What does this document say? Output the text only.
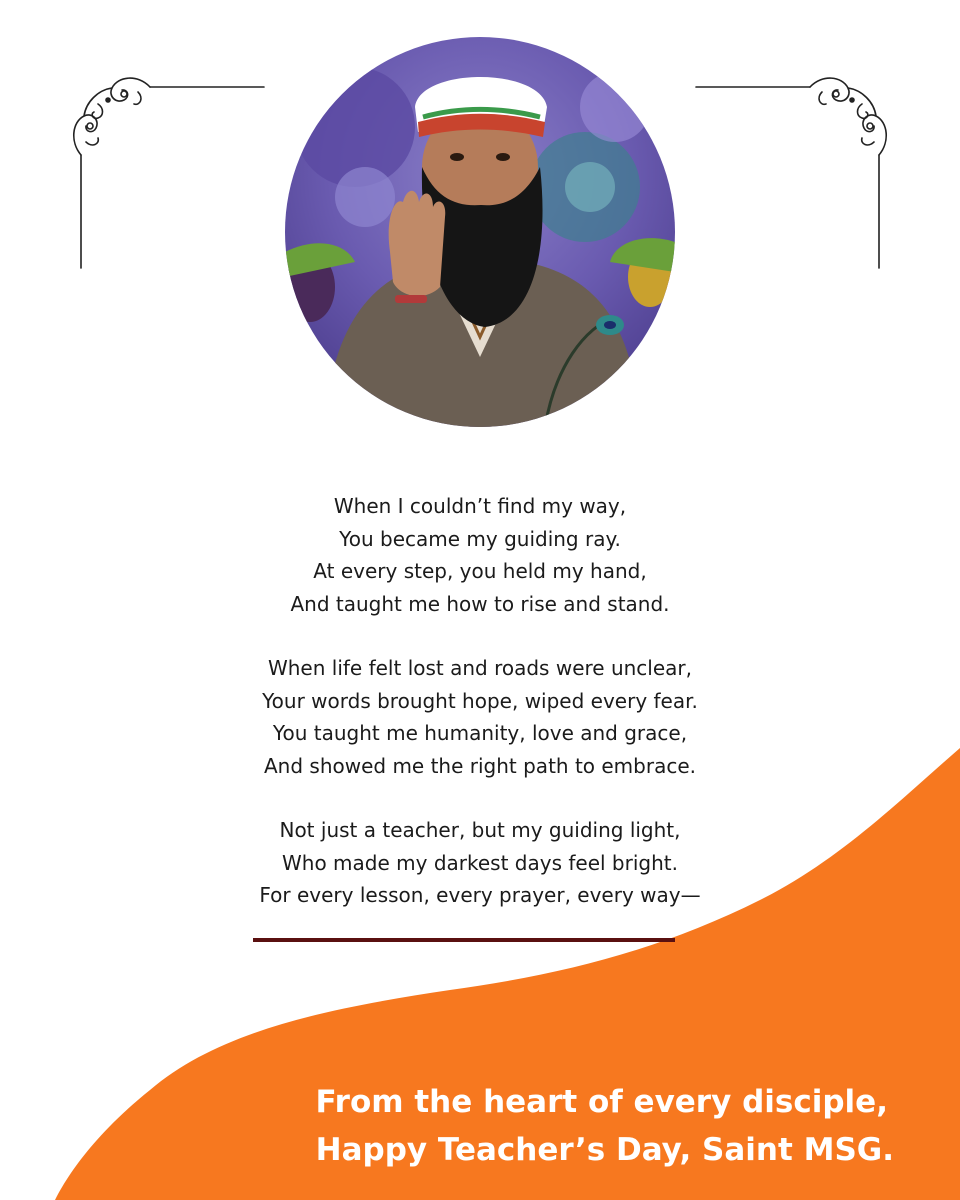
When I couldn’t find my way,
You became my guiding ray.
At every step, you held my hand,
And taught me how to rise and stand.
When life felt lost and roads were unclear,
Your words brought hope, wiped every fear.
You taught me humanity, love and grace,
And showed me the right path to embrace.
Not just a teacher, but my guiding light,
Who made my darkest days feel bright.
For every lesson, every prayer, every way—
From the heart of every disciple,
Happy Teacher’s Day, Saint MSG.
